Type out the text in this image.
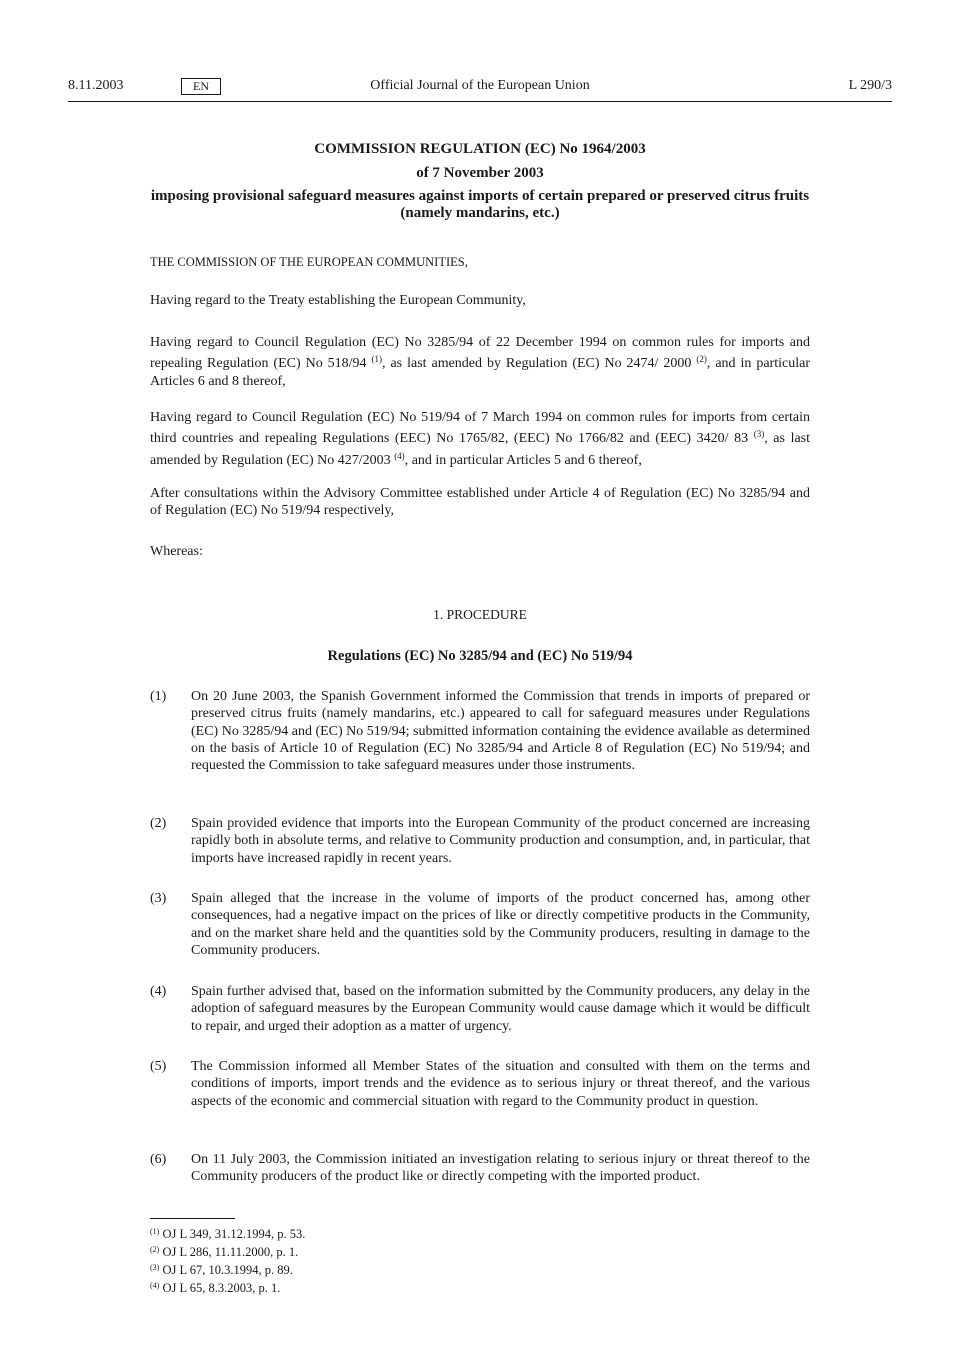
8.11.2003	EN	Official Journal of the European Union	L 290/3
COMMISSION REGULATION (EC) No 1964/2003
of 7 November 2003
imposing provisional safeguard measures against imports of certain prepared or preserved citrus fruits (namely mandarins, etc.)
THE COMMISSION OF THE EUROPEAN COMMUNITIES,
Having regard to the Treaty establishing the European Community,
Having regard to Council Regulation (EC) No 3285/94 of 22 December 1994 on common rules for imports and repealing Regulation (EC) No 518/94 $^{(1)}$, as last amended by Regulation (EC) No 2474/ 2000 $^{(2)}$, and in particular Articles 6 and 8 thereof,
Having regard to Council Regulation (EC) No 519/94 of 7 March 1994 on common rules for imports from certain third countries and repealing Regulations (EEC) No 1765/82, (EEC) No 1766/82 and (EEC) 3420/ 83 $^{(3)}$, as last amended by Regulation (EC) No 427/2003 $^{(4)}$, and in particular Articles 5 and 6 thereof,
After consultations within the Advisory Committee established under Article 4 of Regulation (EC) No 3285/94 and of Regulation (EC) No 519/94 respectively,
Whereas:
1. PROCEDURE
Regulations (EC) No 3285/94 and (EC) No 519/94
(1) On 20 June 2003, the Spanish Government informed the Commission that trends in imports of prepared or preserved citrus fruits (namely mandarins, etc.) appeared to call for safeguard measures under Regulations (EC) No 3285/94 and (EC) No 519/94; submitted information containing the evidence available as determined on the basis of Article 10 of Regulation (EC) No 3285/94 and Article 8 of Regulation (EC) No 519/94; and requested the Commission to take safeguard measures under those instruments.
(2) Spain provided evidence that imports into the European Community of the product concerned are increasing rapidly both in absolute terms, and relative to Community production and consumption, and, in particular, that imports have increased rapidly in recent years.
(3) Spain alleged that the increase in the volume of imports of the product concerned has, among other consequences, had a negative impact on the prices of like or directly competitive products in the Community, and on the market share held and the quantities sold by the Community producers, resulting in damage to the Community producers.
(4) Spain further advised that, based on the information submitted by the Community producers, any delay in the adoption of safeguard measures by the European Community would cause damage which it would be difficult to repair, and urged their adoption as a matter of urgency.
(5) The Commission informed all Member States of the situation and consulted with them on the terms and conditions of imports, import trends and the evidence as to serious injury or threat thereof, and the various aspects of the economic and commercial situation with regard to the Community product in question.
(6) On 11 July 2003, the Commission initiated an investigation relating to serious injury or threat thereof to the Community producers of the product like or directly competing with the imported product.
$^{(1)}$ OJ L 349, 31.12.1994, p. 53.
$^{(2)}$ OJ L 286, 11.11.2000, p. 1.
$^{(3)}$ OJ L 67, 10.3.1994, p. 89.
$^{(4)}$ OJ L 65, 8.3.2003, p. 1.
